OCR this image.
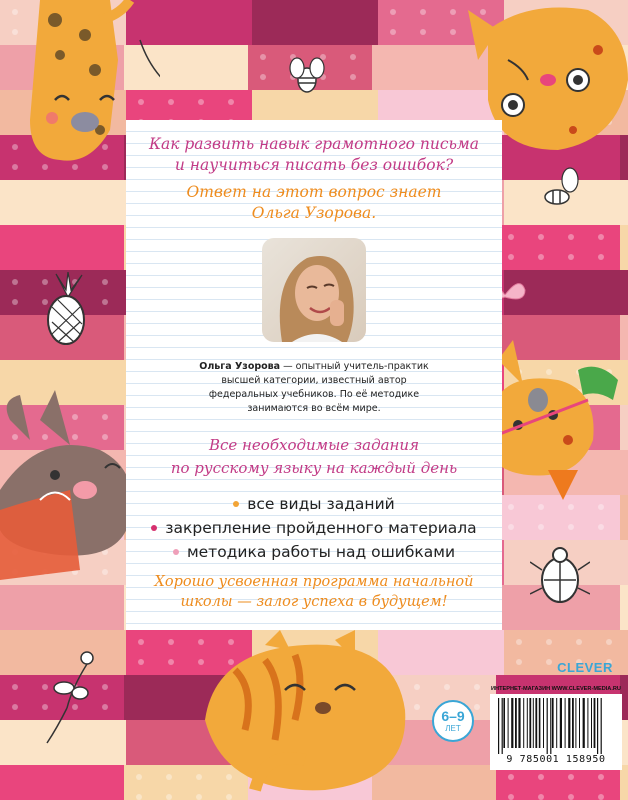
Как развить навык грамотного письма
и научиться писать без ошибок?
Ответ на этот вопрос знает
Ольга Узорова.
Ольга Узорова — опытный учитель-практик
высшей категории, известный автор
федеральных учебников. По её методике
занимаются во всём мире.
Все необходимые задания
по русскому языку на каждый день
все виды заданий
закрепление пройденного материала
методика работы над ошибками
Хорошо усвоенная программа начальной
школы — залог успеха в будущем!
CLEVER
ИНТЕРНЕТ-МАГАЗИН WWW.CLEVER-MEDIA.RU
6–9
ЛЕТ
9 785001 158950
